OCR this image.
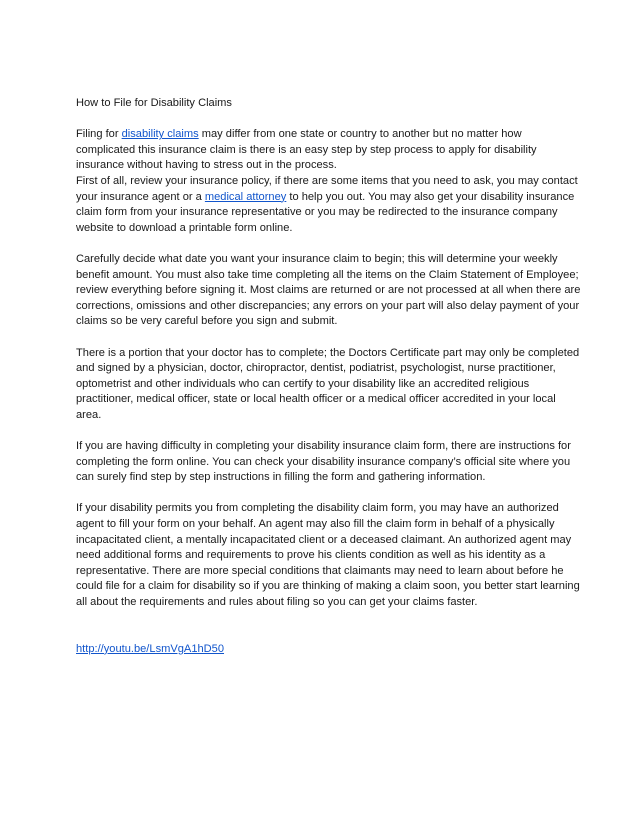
How to File for Disability Claims

Filing for disability claims may differ from one state or country to another but no matter how complicated this insurance claim is there is an easy step by step process to apply for disability insurance without having to stress out in the process.

First of all, review your insurance policy, if there are some items that you need to ask, you may contact your insurance agent or a medical attorney to help you out. You may also get your disability insurance claim form from your insurance representative or you may be redirected to the insurance company website to download a printable form online.

Carefully decide what date you want your insurance claim to begin; this will determine your weekly benefit amount. You must also take time completing all the items on the Claim Statement of Employee; review everything before signing it. Most claims are returned or are not processed at all when there are corrections, omissions and other discrepancies; any errors on your part will also delay payment of your claims so be very careful before you sign and submit.

There is a portion that your doctor has to complete; the Doctors Certificate part may only be completed and signed by a physician, doctor, chiropractor, dentist, podiatrist, psychologist, nurse practitioner, optometrist and other individuals who can certify to your disability like an accredited religious practitioner, medical officer, state or local health officer or a medical officer accredited in your local area.

If you are having difficulty in completing your disability insurance claim form, there are instructions for completing the form online. You can check your disability insurance company’s official site where you can surely find step by step instructions in filling the form and gathering information.

If your disability permits you from completing the disability claim form, you may have an authorized agent to fill your form on your behalf. An agent may also fill the claim form in behalf of a physically incapacitated client, a mentally incapacitated client or a deceased claimant. An authorized agent may need additional forms and requirements to prove his clients condition as well as his identity as a representative. There are more special conditions that claimants may need to learn about before he could file for a claim for disability so if you are thinking of making a claim soon, you better start learning all about the requirements and rules about filing so you can get your claims faster.

http://youtu.be/LsmVgA1hD50
